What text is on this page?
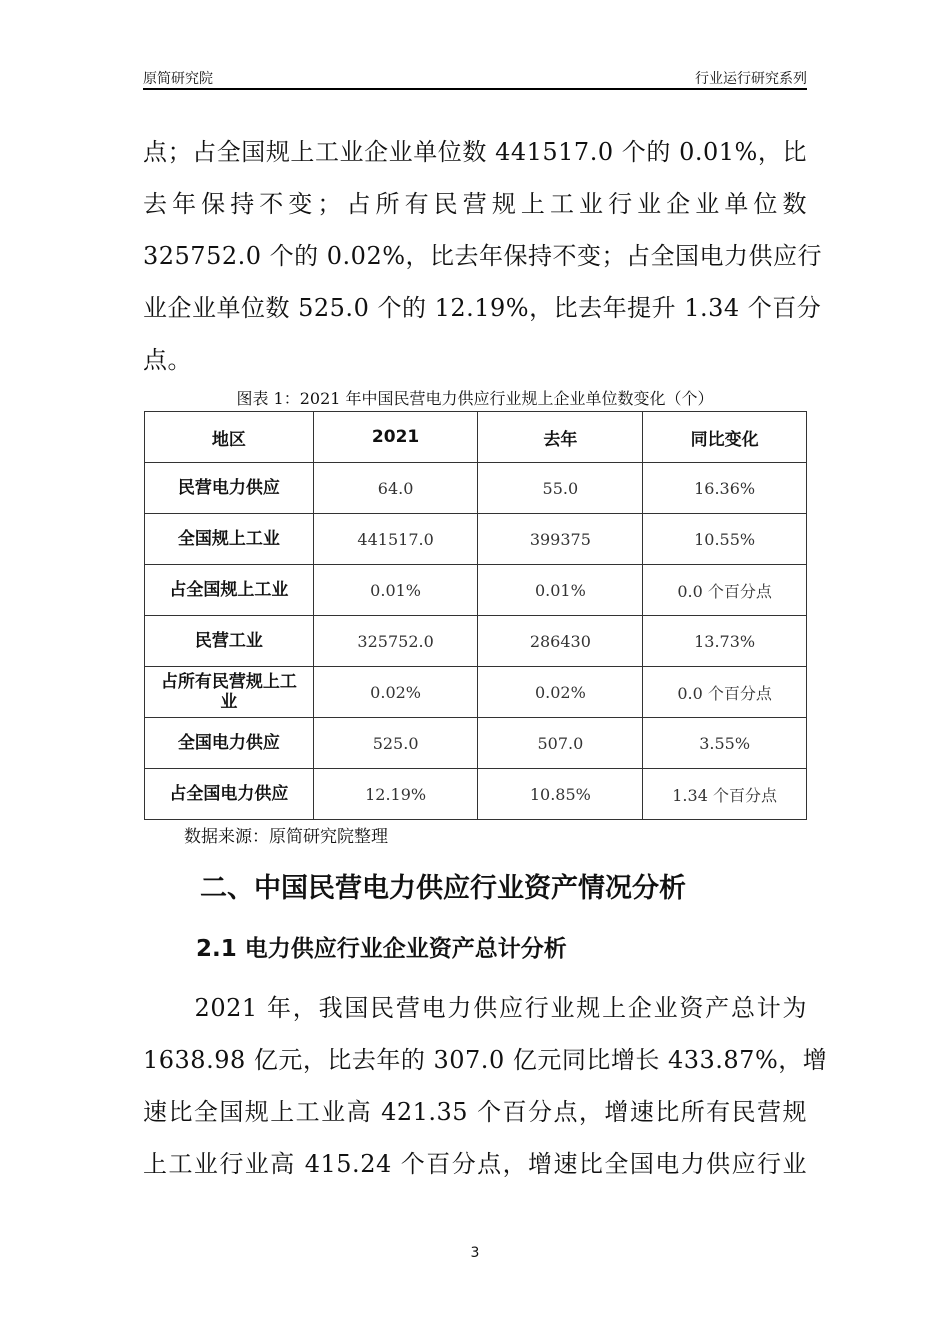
原简研究院	行业运行研究系列
点；占全国规上工业企业单位数 441517.0 个的 0.01%，比
去年保持不变；占所有民营规上工业行业企业单位数
325752.0 个的 0.02%，比去年保持不变；占全国电力供应行
业企业单位数 525.0 个的 12.19%，比去年提升 1.34 个百分
点。
图表 1：2021 年中国民营电力供应行业规上企业单位数变化（个）
地区	2021	去年	同比变化
民营电力供应	64.0	55.0	16.36%
全国规上工业	441517.0	399375	10.55%
占全国规上工业	0.01%	0.01%	0.0 个百分点
民营工业	325752.0	286430	13.73%
占所有民营规上工业	0.02%	0.02%	0.0 个百分点
全国电力供应	525.0	507.0	3.55%
占全国电力供应	12.19%	10.85%	1.34 个百分点
数据来源：原简研究院整理
二、中国民营电力供应行业资产情况分析
2.1 电力供应行业企业资产总计分析
　　2021 年，我国民营电力供应行业规上企业资产总计为
1638.98 亿元，比去年的 307.0 亿元同比增长 433.87%，增
速比全国规上工业高 421.35 个百分点，增速比所有民营规
上工业行业高 415.24 个百分点，增速比全国电力供应行业
3
